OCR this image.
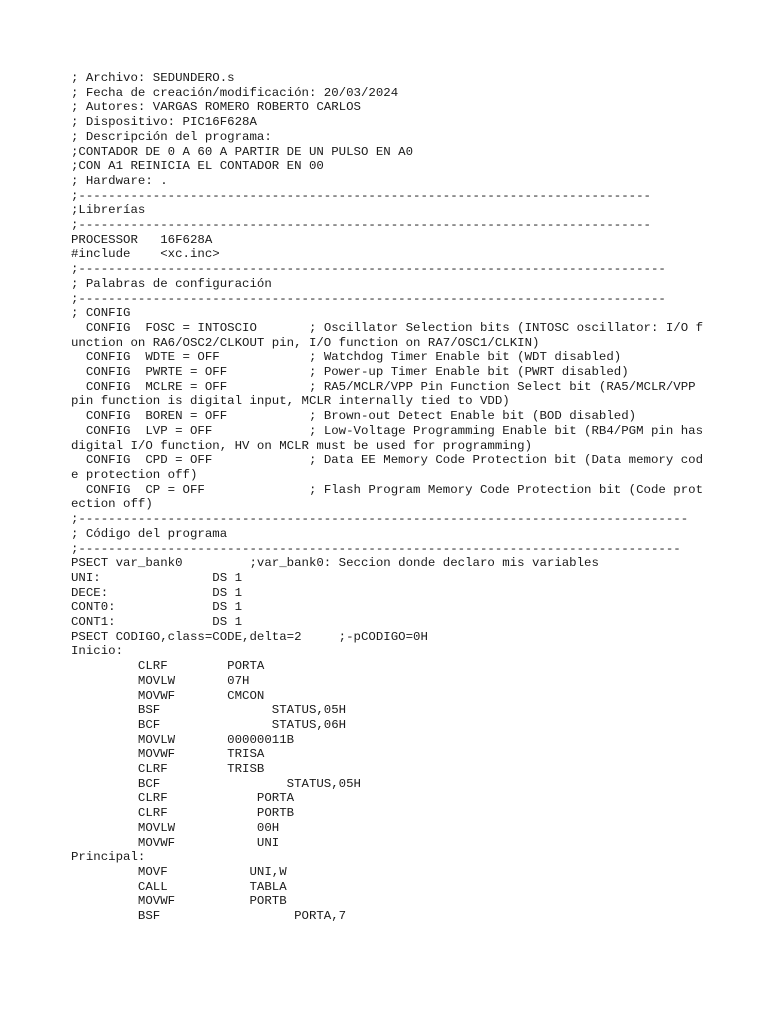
; Archivo: SEDUNDERO.s
; Fecha de creación/modificación: 20/03/2024
; Autores: VARGAS ROMERO ROBERTO CARLOS
; Dispositivo: PIC16F628A
; Descripción del programa:
;CONTADOR DE 0 A 60 A PARTIR DE UN PULSO EN A0
;CON A1 REINICIA EL CONTADOR EN 00
; Hardware: .
;-----------------------------------------------------------------------------
;Librerías
;-----------------------------------------------------------------------------
PROCESSOR   16F628A
#include    <xc.inc>
;-------------------------------------------------------------------------------
; Palabras de configuración
;-------------------------------------------------------------------------------
; CONFIG
CONFIG  FOSC = INTOSCIO       ; Oscillator Selection bits (INTOSC oscillator: I/O function on RA6/OSC2/CLKOUT pin, I/O function on RA7/OSC1/CLKIN)
CONFIG  WDTE = OFF            ; Watchdog Timer Enable bit (WDT disabled)
CONFIG  PWRTE = OFF           ; Power-up Timer Enable bit (PWRT disabled)
CONFIG  MCLRE = OFF           ; RA5/MCLR/VPP Pin Function Select bit (RA5/MCLR/VPP pin function is digital input, MCLR internally tied to VDD)
CONFIG  BOREN = OFF           ; Brown-out Detect Enable bit (BOD disabled)
CONFIG  LVP = OFF             ; Low-Voltage Programming Enable bit (RB4/PGM pin has digital I/O function, HV on MCLR must be used for programming)
CONFIG  CPD = OFF             ; Data EE Memory Code Protection bit (Data memory code protection off)
CONFIG  CP = OFF              ; Flash Program Memory Code Protection bit (Code protection off)
;----------------------------------------------------------------------------------
; Código del programa
;---------------------------------------------------------------------------------
PSECT var_bank0         ;var_bank0: Seccion donde declaro mis variables
UNI:               DS 1
DECE:              DS 1
CONT0:             DS 1
CONT1:             DS 1
PSECT CODIGO,class=CODE,delta=2     ;-pCODIGO=0H
Inicio:
CLRF        PORTA
MOVLW       07H
MOVWF       CMCON
BSF               STATUS,05H
BCF               STATUS,06H
MOVLW       00000011B
MOVWF       TRISA
CLRF        TRISB
BCF                 STATUS,05H
CLRF            PORTA
CLRF            PORTB
MOVLW           00H
MOVWF           UNI
Principal:
MOVF           UNI,W
CALL           TABLA
MOVWF          PORTB
BSF                  PORTA,7
